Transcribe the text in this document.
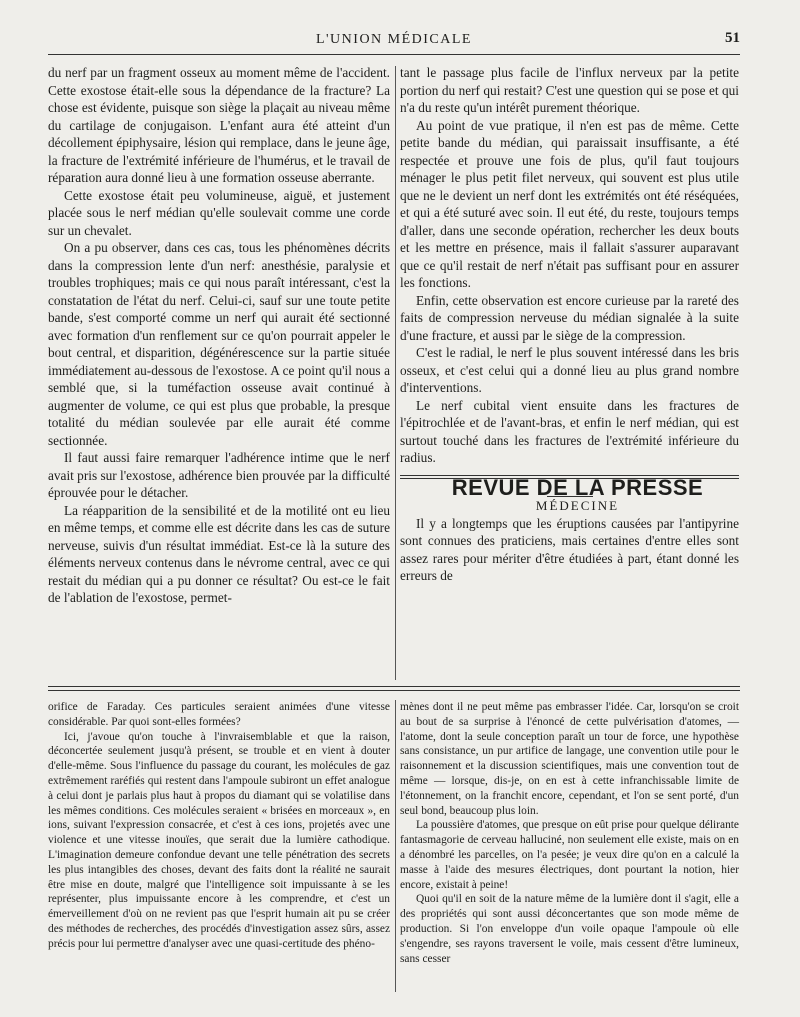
L'UNION MÉDICALE	51

du nerf par un fragment osseux au moment même de l'accident. Cette exostose était-elle sous la dépendance de la fracture? La chose est évidente, puisque son siège la plaçait au niveau même du cartilage de conjugaison. L'enfant aura été atteint d'un décollement épiphysaire, lésion qui remplace, dans le jeune âge, la fracture de l'extrémité inférieure de l'humérus, et le travail de réparation aura donné lieu à une formation osseuse aberrante.

Cette exostose était peu volumineuse, aiguë, et justement placée sous le nerf médian qu'elle soulevait comme une corde sur un chevalet.

On a pu observer, dans ces cas, tous les phénomènes décrits dans la compression lente d'un nerf: anesthésie, paralysie et troubles trophiques; mais ce qui nous paraît intéressant, c'est la constatation de l'état du nerf. Celui-ci, sauf sur une toute petite bande, s'est comporté comme un nerf qui aurait été sectionné avec formation d'un renflement sur ce qu'on pourrait appeler le bout central, et disparition, dégénérescence sur la partie située immédiatement au-dessous de l'exostose. A ce point qu'il nous a semblé que, si la tuméfaction osseuse avait continué à augmenter de volume, ce qui est plus que probable, la presque totalité du médian soulevée par elle aurait été comme sectionnée.

Il faut aussi faire remarquer l'adhérence intime que le nerf avait pris sur l'exostose, adhérence bien prouvée par la difficulté éprouvée pour le détacher.

La réapparition de la sensibilité et de la motilité ont eu lieu en même temps, et comme elle est décrite dans les cas de suture nerveuse, suivis d'un résultat immédiat. Est-ce là la suture des éléments nerveux contenus dans le névrome central, avec ce qui restait du médian qui a pu donner ce résultat? Ou est-ce le fait de l'ablation de l'exostose, permet-

tant le passage plus facile de l'influx nerveux par la petite portion du nerf qui restait? C'est une question qui se pose et qui n'a du reste qu'un intérêt purement théorique.

Au point de vue pratique, il n'en est pas de même. Cette petite bande du médian, qui paraissait insuffisante, a été respectée et prouve une fois de plus, qu'il faut toujours ménager le plus petit filet nerveux, qui souvent est plus utile que ne le devient un nerf dont les extrémités ont été réséquées, et qui a été suturé avec soin. Il eut été, du reste, toujours temps d'aller, dans une seconde opération, rechercher les deux bouts et les mettre en présence, mais il fallait s'assurer auparavant que ce qu'il restait de nerf n'était pas suffisant pour en assurer les fonctions.

Enfin, cette observation est encore curieuse par la rareté des faits de compression nerveuse du médian signalée à la suite d'une fracture, et aussi par le siège de la compression.

C'est le radial, le nerf le plus souvent intéressé dans les bris osseux, et c'est celui qui a donné lieu au plus grand nombre d'interventions.

Le nerf cubital vient ensuite dans les fractures de l'épitrochlée et de l'avant-bras, et enfin le nerf médian, qui est surtout touché dans les fractures de l'extrémité inférieure du radius.

REVUE DE LA PRESSE

MÉDECINE

Il y a longtemps que les éruptions causées par l'antipyrine sont connues des praticiens, mais certaines d'entre elles sont assez rares pour mériter d'être étudiées à part, étant donné les erreurs de

orifice de Faraday. Ces particules seraient animées d'une vitesse considérable. Par quoi sont-elles formées?

Ici, j'avoue qu'on touche à l'invraisemblable et que la raison, déconcertée seulement jusqu'à présent, se trouble et en vient à douter d'elle-même. Sous l'influence du passage du courant, les molécules de gaz extrêmement raréfiés qui restent dans l'ampoule subiront un effet analogue à celui dont je parlais plus haut à propos du diamant qui se volatilise dans les mêmes conditions. Ces molécules seraient « brisées en morceaux », en ions, suivant l'expression consacrée, et c'est à ces ions, projetés avec une violence et une vitesse inouïes, que serait due la lumière cathodique. L'imagination demeure confondue devant une telle pénétration des secrets les plus intangibles des choses, devant des faits dont la réalité ne saurait être mise en doute, malgré que l'intelligence soit impuissante à se les représenter, plus impuissante encore à les comprendre, et c'est un émerveillement d'où on ne revient pas que l'esprit humain ait pu se créer des méthodes de recherches, des procédés d'investigation assez sûrs, assez précis pour lui permettre d'analyser avec une quasi-certitude des phéno-

mènes dont il ne peut même pas embrasser l'idée. Car, lorsqu'on se croit au bout de sa surprise à l'énoncé de cette pulvérisation d'atomes, — l'atome, dont la seule conception paraît un tour de force, une hypothèse sans consistance, un pur artifice de langage, une convention utile pour le raisonnement et la discussion scientifiques, mais une convention tout de même — lorsque, dis-je, on en est à cette infranchissable limite de l'étonnement, on la franchit encore, cependant, et l'on se sent porté, d'un seul bond, beaucoup plus loin.

La poussière d'atomes, que presque on eût prise pour quelque délirante fantasmagorie de cerveau halluciné, non seulement elle existe, mais on en a dénombré les parcelles, on l'a pesée; je veux dire qu'on en a calculé la masse à l'aide des mesures électriques, dont pourtant la notion, hier encore, existait à peine!

Quoi qu'il en soit de la nature même de la lumière dont il s'agit, elle a des propriétés qui sont aussi déconcertantes que son mode même de production. Si l'on enveloppe d'un voile opaque l'ampoule où elle s'engendre, ses rayons traversent le voile, mais cessent d'être lumineux, sans cesser
